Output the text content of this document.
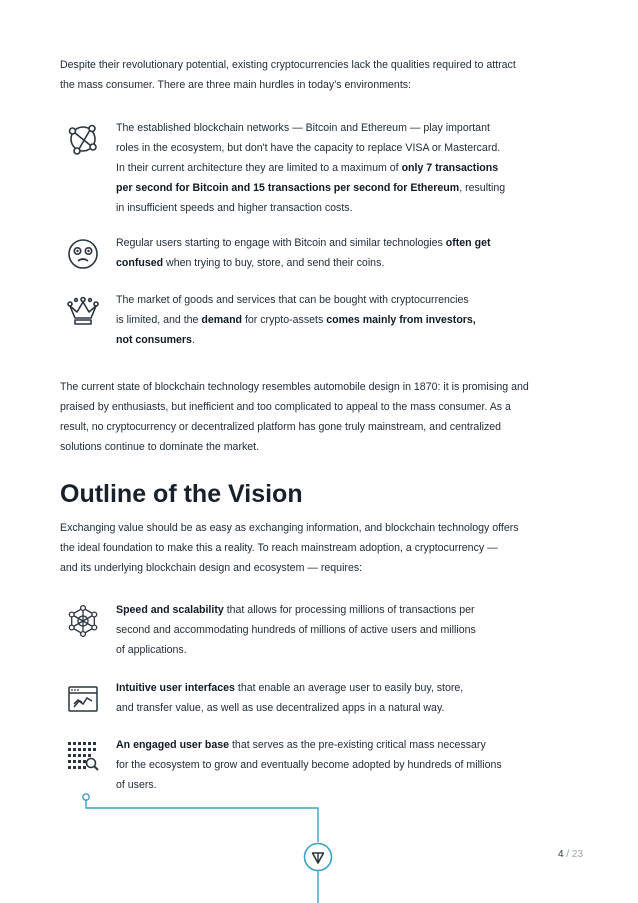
Despite their revolutionary potential, existing cryptocurrencies lack the qualities required to attract

the mass consumer. There are three main hurdles in today's environments:

The established blockchain networks — Bitcoin and Ethereum — play important
roles in the ecosystem, but don't have the capacity to replace VISA or Mastercard.
In their current architecture they are limited to a maximum of only 7 transactions
per second for Bitcoin and 15 transactions per second for Ethereum, resulting
in insufficient speeds and higher transaction costs.
Regular users starting to engage with Bitcoin and similar technologies often get
confused when trying to buy, store, and send their coins.
The market of goods and services that can be bought with cryptocurrencies
is limited, and the demand for crypto-assets comes mainly from investors,
not consumers.

The current state of blockchain technology resembles automobile design in 1870: it is promising and

praised by enthusiasts, but inefficient and too complicated to appeal to the mass consumer. As a

result, no cryptocurrency or decentralized platform has gone truly mainstream, and centralized

solutions continue to dominate the market.

Outline of the Vision

Exchanging value should be as easy as exchanging information, and blockchain technology offers

the ideal foundation to make this a reality. To reach mainstream adoption, a cryptocurrency —

and its underlying blockchain design and ecosystem — requires:

Speed and scalability that allows for processing millions of transactions per
second and accommodating hundreds of millions of active users and millions
of applications.
Intuitive user interfaces that enable an average user to easily buy, store,
and transfer value, as well as use decentralized apps in a natural way.
An engaged user base that serves as the pre-existing critical mass necessary
for the ecosystem to grow and eventually become adopted by hundreds of millions
of users.
4 / 23
